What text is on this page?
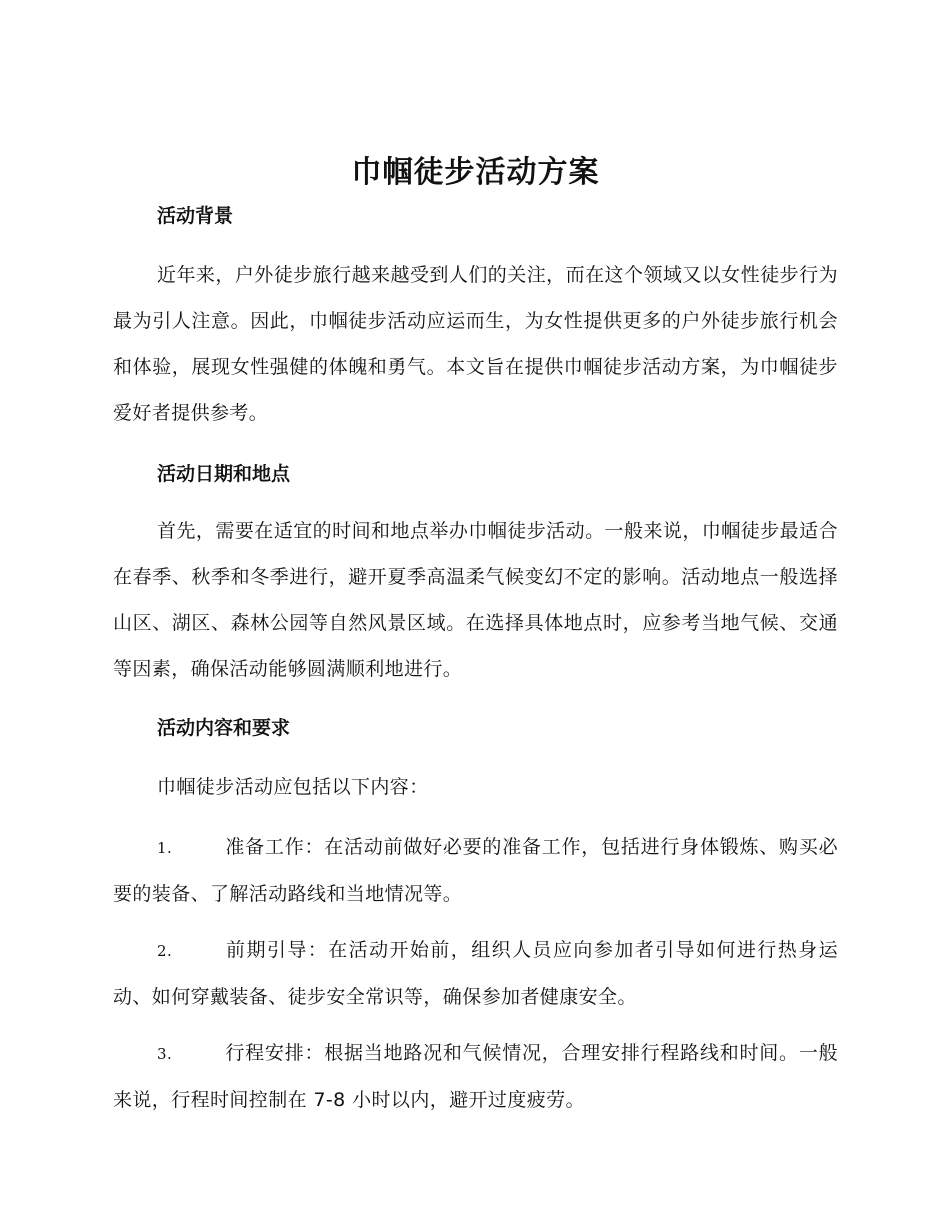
巾帼徒步活动方案

活动背景

近年来，户外徒步旅行越来越受到人们的关注，而在这个领域又以女性徒步行为最为引人注意。因此，巾帼徒步活动应运而生，为女性提供更多的户外徒步旅行机会和体验，展现女性强健的体魄和勇气。本文旨在提供巾帼徒步活动方案，为巾帼徒步爱好者提供参考。

活动日期和地点

首先，需要在适宜的时间和地点举办巾帼徒步活动。一般来说，巾帼徒步最适合在春季、秋季和冬季进行，避开夏季高温柔气候变幻不定的影响。活动地点一般选择山区、湖区、森林公园等自然风景区域。在选择具体地点时，应参考当地气候、交通等因素，确保活动能够圆满顺利地进行。

活动内容和要求

巾帼徒步活动应包括以下内容：

1.	准备工作：在活动前做好必要的准备工作，包括进行身体锻炼、购买必要的装备、了解活动路线和当地情况等。

2.	前期引导：在活动开始前，组织人员应向参加者引导如何进行热身运动、如何穿戴装备、徒步安全常识等，确保参加者健康安全。

3.	行程安排：根据当地路况和气候情况，合理安排行程路线和时间。一般来说，行程时间控制在 7-8 小时以内，避开过度疲劳。
